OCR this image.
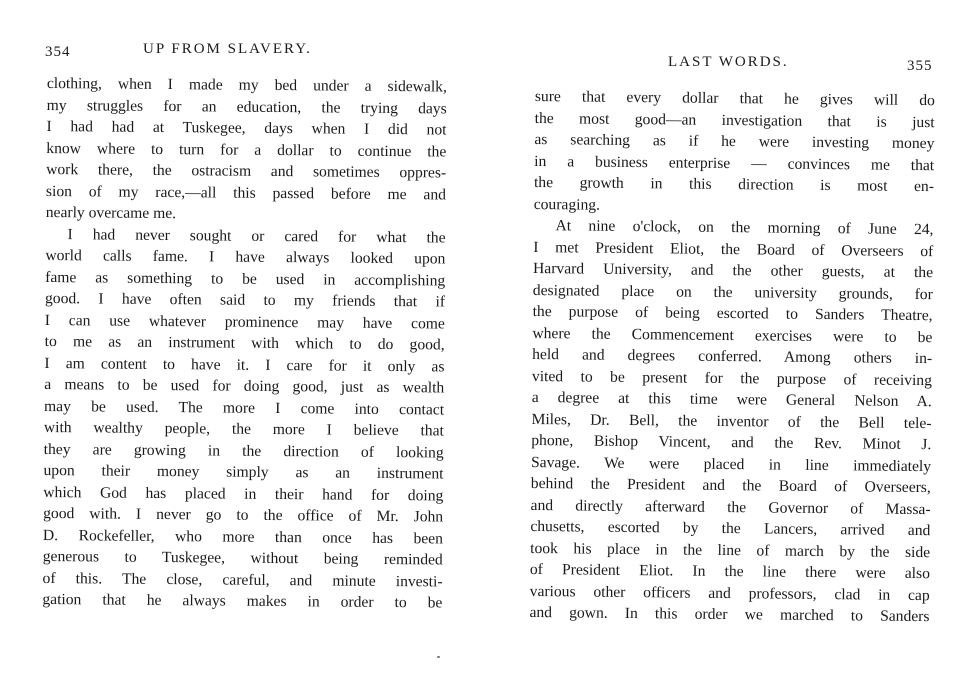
354	UP FROM SLAVERY.
clothing, when I made my bed under a sidewalk,
my struggles for an education, the trying days
I had had at Tuskegee, days when I did not
know where to turn for a dollar to continue the
work there, the ostracism and sometimes oppres-
sion of my race,—all this passed before me and
nearly overcame me.
I had never sought or cared for what the
world calls fame. I have always looked upon
fame as something to be used in accomplishing
good. I have often said to my friends that if
I can use whatever prominence may have come
to me as an instrument with which to do good,
I am content to have it. I care for it only as
a means to be used for doing good, just as wealth
may be used. The more I come into contact
with wealthy people, the more I believe that
they are growing in the direction of looking
upon their money simply as an instrument
which God has placed in their hand for doing
good with. I never go to the office of Mr. John
D. Rockefeller, who more than once has been
generous to Tuskegee, without being reminded
of this. The close, careful, and minute investi-
gation that he always makes in order to be
LAST WORDS.	355
sure that every dollar that he gives will do
the most good—an investigation that is just
as searching as if he were investing money
in a business enterprise — convinces me that
the growth in this direction is most en-
couraging.
At nine o'clock, on the morning of June 24,
I met President Eliot, the Board of Overseers of
Harvard University, and the other guests, at the
designated place on the university grounds, for
the purpose of being escorted to Sanders Theatre,
where the Commencement exercises were to be
held and degrees conferred. Among others in-
vited to be present for the purpose of receiving
a degree at this time were General Nelson A.
Miles, Dr. Bell, the inventor of the Bell tele-
phone, Bishop Vincent, and the Rev. Minot J.
Savage. We were placed in line immediately
behind the President and the Board of Overseers,
and directly afterward the Governor of Massa-
chusetts, escorted by the Lancers, arrived and
took his place in the line of march by the side
of President Eliot. In the line there were also
various other officers and professors, clad in cap
and gown. In this order we marched to Sanders
